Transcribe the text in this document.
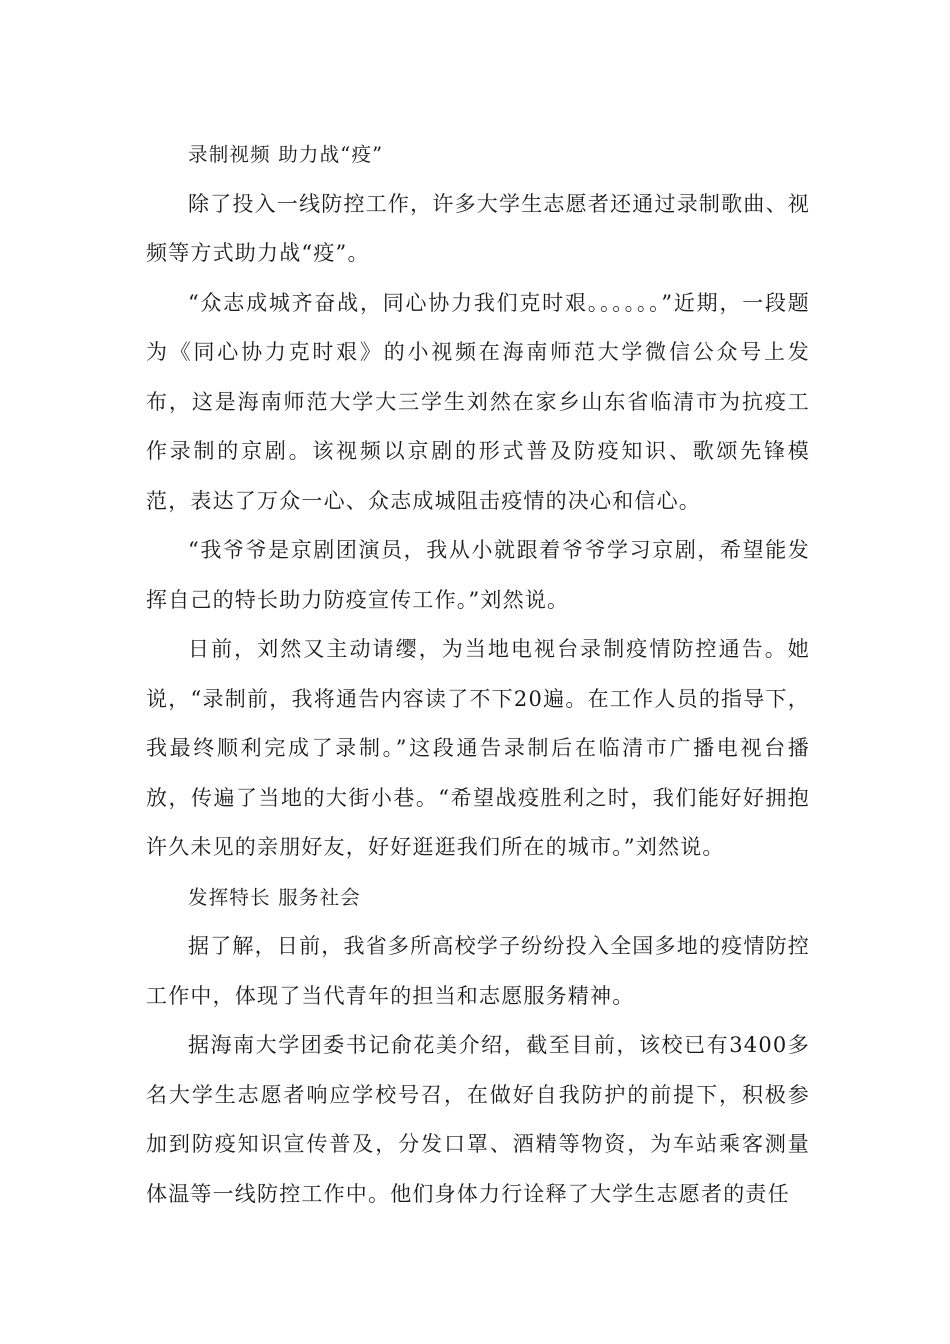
录制视频 助力战“疫”

除了投入一线防控工作，许多大学生志愿者还通过录制歌曲、视频等方式助力战“疫”。

“众志成城齐奋战，同心协力我们克时艰。。。。。。”近期，一段题为《同心协力克时艰》的小视频在海南师范大学微信公众号上发布，这是海南师范大学大三学生刘然在家乡山东省临清市为抗疫工作录制的京剧。该视频以京剧的形式普及防疫知识、歌颂先锋模范，表达了万众一心、众志成城阻击疫情的决心和信心。

“我爷爷是京剧团演员，我从小就跟着爷爷学习京剧，希望能发挥自己的特长助力防疫宣传工作。”刘然说。

日前，刘然又主动请缨，为当地电视台录制疫情防控通告。她说，“录制前，我将通告内容读了不下20遍。在工作人员的指导下，我最终顺利完成了录制。”这段通告录制后在临清市广播电视台播放，传遍了当地的大街小巷。“希望战疫胜利之时，我们能好好拥抱许久未见的亲朋好友，好好逛逛我们所在的城市。”刘然说。

发挥特长 服务社会

据了解，日前，我省多所高校学子纷纷投入全国多地的疫情防控工作中，体现了当代青年的担当和志愿服务精神。

据海南大学团委书记俞花美介绍，截至目前，该校已有3400多名大学生志愿者响应学校号召，在做好自我防护的前提下，积极参加到防疫知识宣传普及，分发口罩、酒精等物资，为车站乘客测量体温等一线防控工作中。他们身体力行诠释了大学生志愿者的责任
